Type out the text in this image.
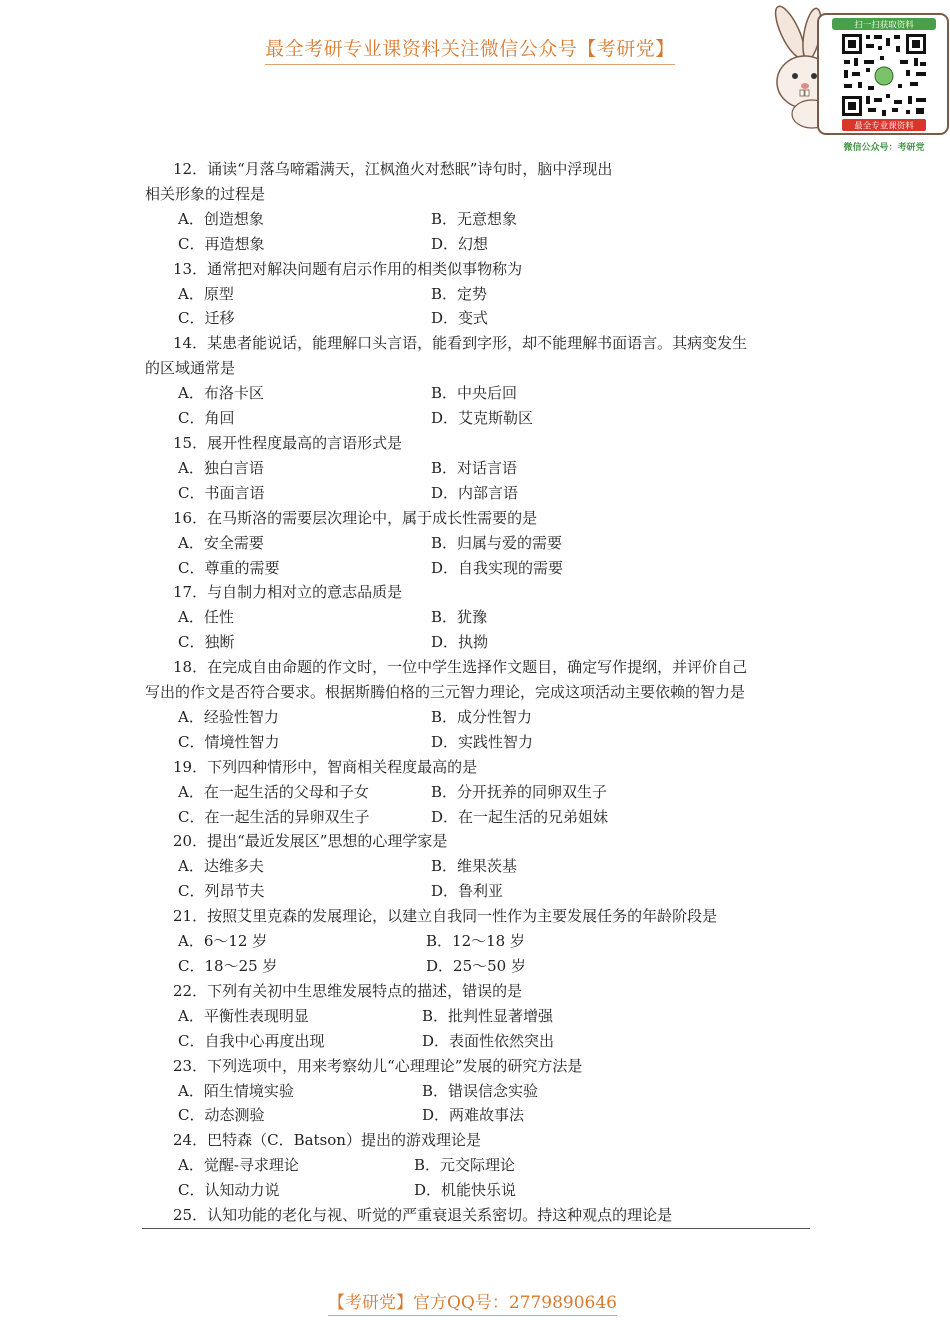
最全考研专业课资料关注微信公众号【考研党】
扫一扫获取资料
最全专业课资料
微信公众号：考研党
12．诵读“月落乌啼霜满天，江枫渔火对愁眠”诗句时，脑中浮现出
相关形象的过程是
A．创造想象	B．无意想象
C．再造想象	D．幻想
13．通常把对解决问题有启示作用的相类似事物称为
A．原型	B．定势
C．迁移	D．变式
14．某患者能说话，能理解口头言语，能看到字形，却不能理解书面语言。其病变发生
的区域通常是
A．布洛卡区	B．中央后回
C．角回	D．艾克斯勒区
15．展开性程度最高的言语形式是
A．独白言语	B．对话言语
C．书面言语	D．内部言语
16．在马斯洛的需要层次理论中，属于成长性需要的是
A．安全需要	B．归属与爱的需要
C．尊重的需要	D．自我实现的需要
17．与自制力相对立的意志品质是
A．任性	B．犹豫
C．独断	D．执拗
18．在完成自由命题的作文时，一位中学生选择作文题目，确定写作提纲，并评价自己
写出的作文是否符合要求。根据斯腾伯格的三元智力理论，完成这项活动主要依赖的智力是
A．经验性智力	B．成分性智力
C．情境性智力	D．实践性智力
19．下列四种情形中，智商相关程度最高的是
A．在一起生活的父母和子女	B．分开抚养的同卵双生子
C．在一起生活的异卵双生子	D．在一起生活的兄弟姐妹
20．提出“最近发展区”思想的心理学家是
A．达维多夫	B．维果茨基
C．列昂节夫	D．鲁利亚
21．按照艾里克森的发展理论，以建立自我同一性作为主要发展任务的年龄阶段是
A．6～12 岁	B．12～18 岁
C．18～25 岁	D．25～50 岁
22．下列有关初中生思维发展特点的描述，错误的是
A．平衡性表现明显	B．批判性显著增强
C．自我中心再度出现	D．表面性依然突出
23．下列选项中，用来考察幼儿“心理理论”发展的研究方法是
A．陌生情境实验	B．错误信念实验
C．动态测验	D．两难故事法
24．巴特森（C．Batson）提出的游戏理论是
A．觉醒-寻求理论	B．元交际理论
C．认知动力说	D．机能快乐说
25．认知功能的老化与视、听觉的严重衰退关系密切。持这种观点的理论是
【考研党】官方QQ号：2779890646
